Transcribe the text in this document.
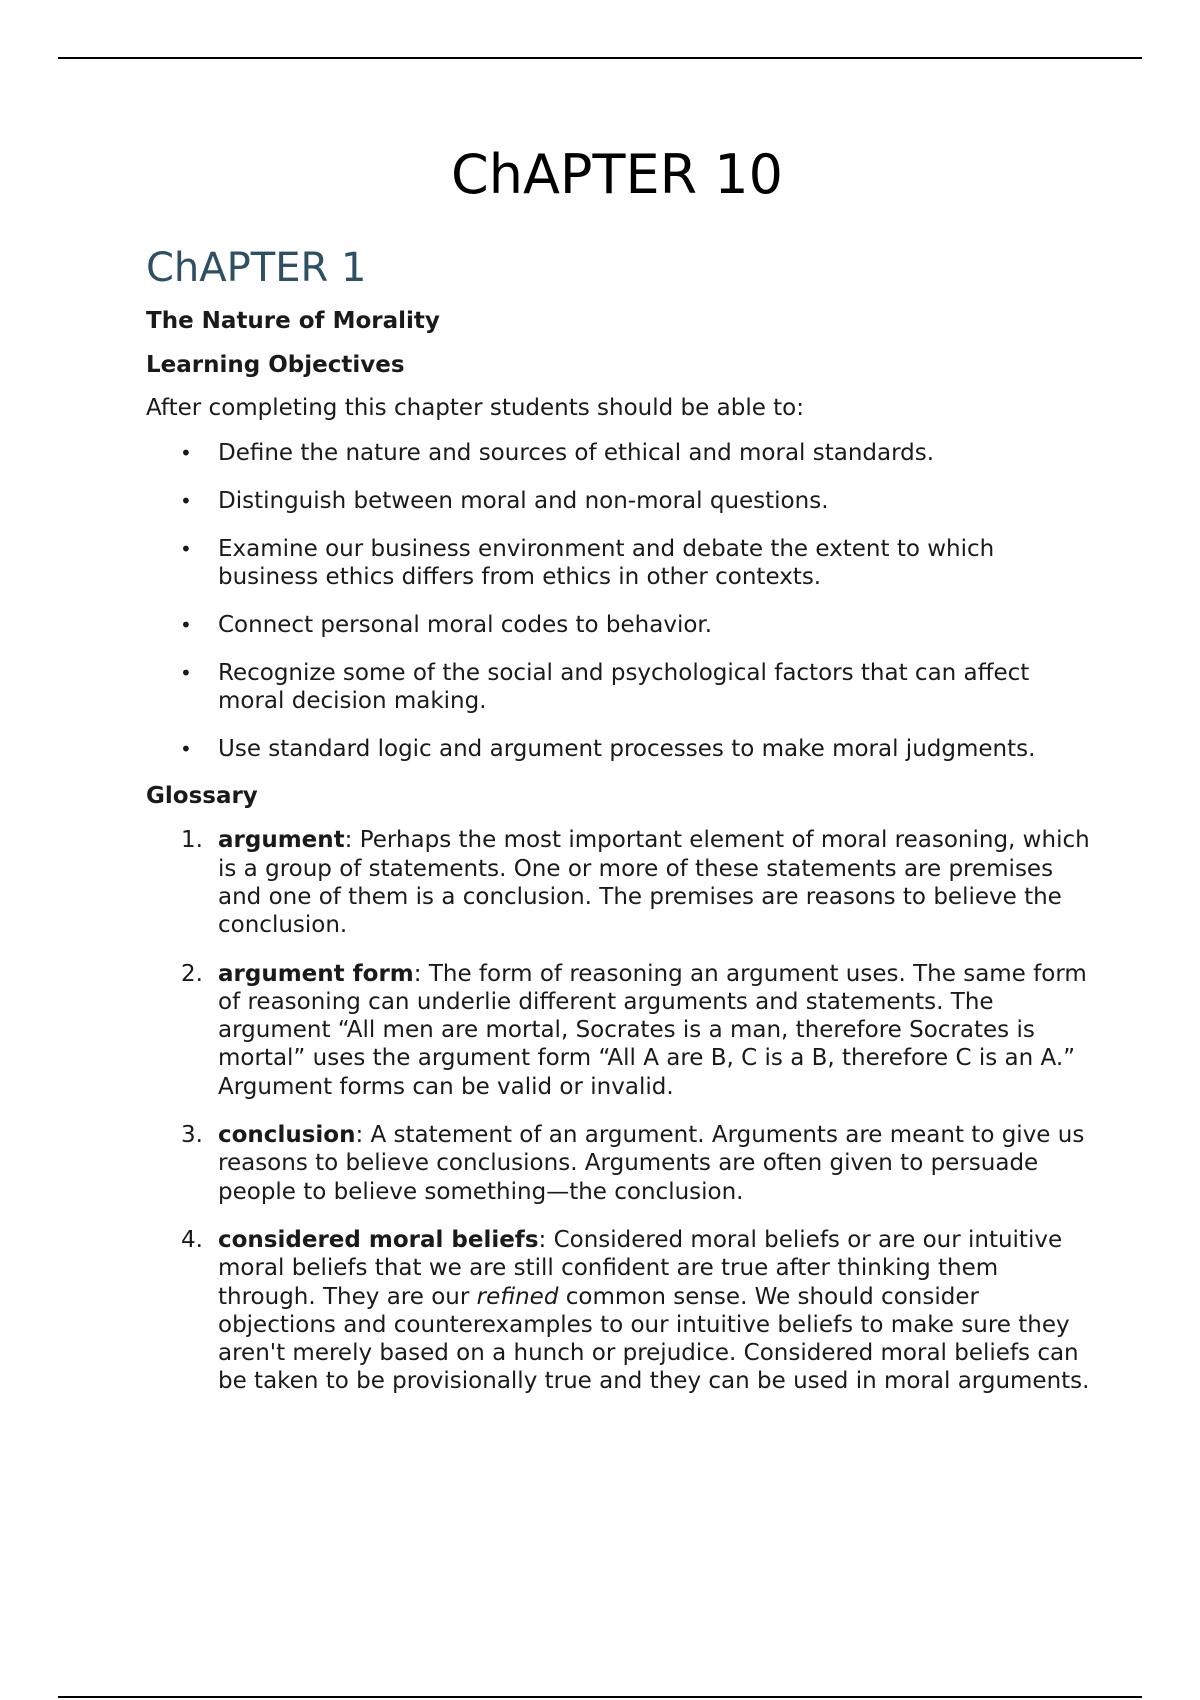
ChAPTER 10
ChAPTER 1

The Nature of Morality

Learning Objectives

After completing this chapter students should be able to:

• Define the nature and sources of ethical and moral standards.
• Distinguish between moral and non-moral questions.
• Examine our business environment and debate the extent to which business ethics differs from ethics in other contexts.
• Connect personal moral codes to behavior.
• Recognize some of the social and psychological factors that can affect moral decision making.
• Use standard logic and argument processes to make moral judgments.

Glossary

1. argument: Perhaps the most important element of moral reasoning, which is a group of statements. One or more of these statements are premises and one of them is a conclusion. The premises are reasons to believe the conclusion.
2. argument form: The form of reasoning an argument uses. The same form of reasoning can underlie different arguments and statements. The argument “All men are mortal, Socrates is a man, therefore Socrates is mortal” uses the argument form “All A are B, C is a B, therefore C is an A.” Argument forms can be valid or invalid.
3. conclusion: A statement of an argument. Arguments are meant to give us reasons to believe conclusions. Arguments are often given to persuade people to believe something—the conclusion.
4. considered moral beliefs: Considered moral beliefs or are our intuitive moral beliefs that we are still confident are true after thinking them through. They are our refined common sense. We should consider objections and counterexamples to our intuitive beliefs to make sure they aren't merely based on a hunch or prejudice. Considered moral beliefs can be taken to be provisionally true and they can be used in moral arguments.
